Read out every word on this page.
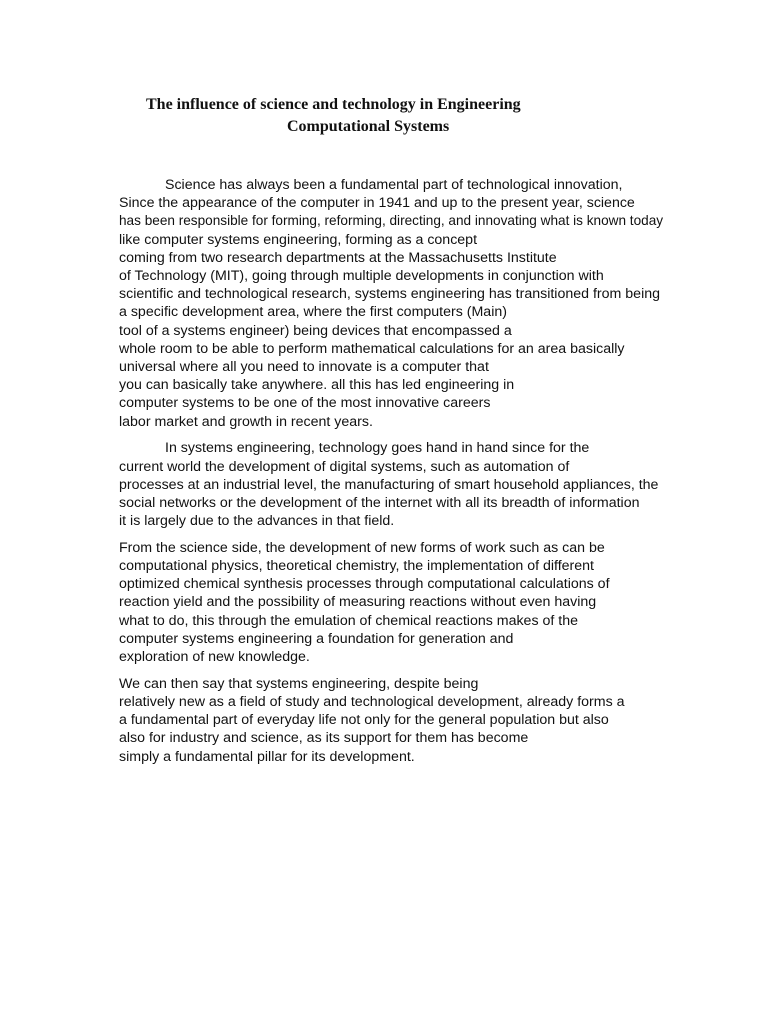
The influence of science and technology in Engineering
Computational Systems
Science has always been a fundamental part of technological innovation,
Since the appearance of the computer in 1941 and up to the present year, science
has been responsible for forming, reforming, directing, and innovating what is known today
like computer systems engineering, forming as a concept
coming from two research departments at the Massachusetts Institute
of Technology (MIT), going through multiple developments in conjunction with
scientific and technological research, systems engineering has transitioned from being
a specific development area, where the first computers (Main)
tool of a systems engineer) being devices that encompassed a
whole room to be able to perform mathematical calculations for an area basically
universal where all you need to innovate is a computer that
you can basically take anywhere. all this has led engineering in
computer systems to be one of the most innovative careers
labor market and growth in recent years.
In systems engineering, technology goes hand in hand since for the
current world the development of digital systems, such as automation of
processes at an industrial level, the manufacturing of smart household appliances, the
social networks or the development of the internet with all its breadth of information
it is largely due to the advances in that field.
From the science side, the development of new forms of work such as can be
computational physics, theoretical chemistry, the implementation of different
optimized chemical synthesis processes through computational calculations of
reaction yield and the possibility of measuring reactions without even having
what to do, this through the emulation of chemical reactions makes of the
computer systems engineering a foundation for generation and
exploration of new knowledge.
We can then say that systems engineering, despite being
relatively new as a field of study and technological development, already forms a
a fundamental part of everyday life not only for the general population but also
also for industry and science, as its support for them has become
simply a fundamental pillar for its development.
